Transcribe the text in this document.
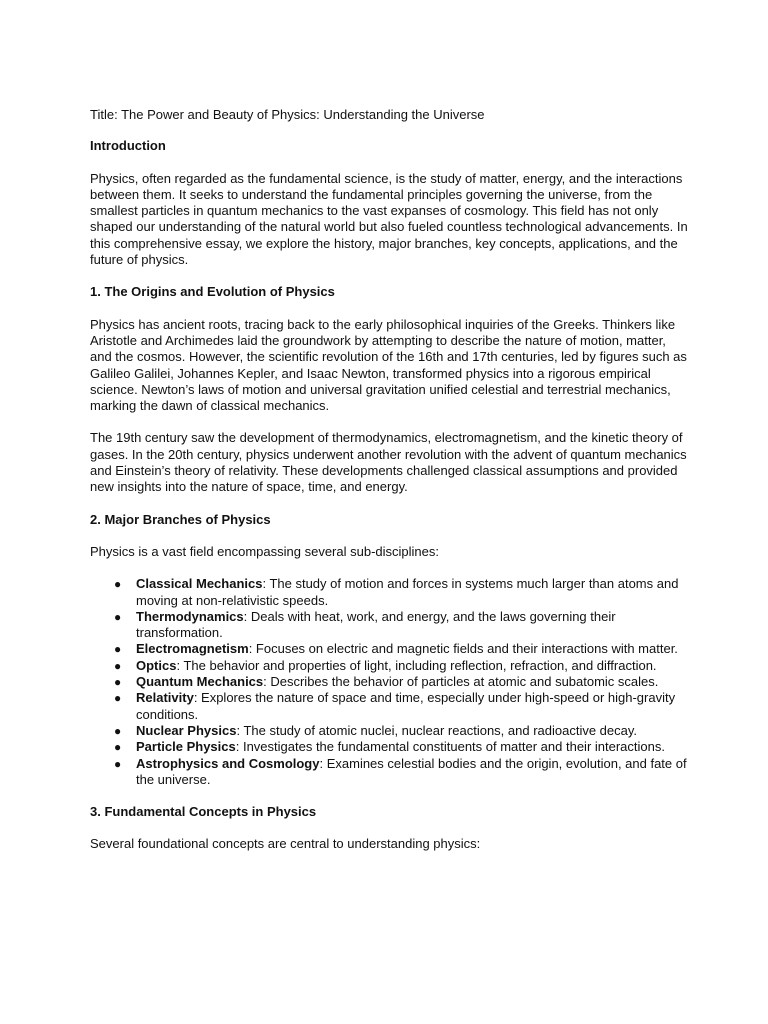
Title: The Power and Beauty of Physics: Understanding the Universe

Introduction

Physics, often regarded as the fundamental science, is the study of matter, energy, and the interactions between them. It seeks to understand the fundamental principles governing the universe, from the smallest particles in quantum mechanics to the vast expanses of cosmology. This field has not only shaped our understanding of the natural world but also fueled countless technological advancements. In this comprehensive essay, we explore the history, major branches, key concepts, applications, and the future of physics.

1. The Origins and Evolution of Physics

Physics has ancient roots, tracing back to the early philosophical inquiries of the Greeks. Thinkers like Aristotle and Archimedes laid the groundwork by attempting to describe the nature of motion, matter, and the cosmos. However, the scientific revolution of the 16th and 17th centuries, led by figures such as Galileo Galilei, Johannes Kepler, and Isaac Newton, transformed physics into a rigorous empirical science. Newton’s laws of motion and universal gravitation unified celestial and terrestrial mechanics, marking the dawn of classical mechanics.

The 19th century saw the development of thermodynamics, electromagnetism, and the kinetic theory of gases. In the 20th century, physics underwent another revolution with the advent of quantum mechanics and Einstein’s theory of relativity. These developments challenged classical assumptions and provided new insights into the nature of space, time, and energy.

2. Major Branches of Physics

Physics is a vast field encompassing several sub-disciplines:

● Classical Mechanics: The study of motion and forces in systems much larger than atoms and moving at non-relativistic speeds.
● Thermodynamics: Deals with heat, work, and energy, and the laws governing their transformation.
● Electromagnetism: Focuses on electric and magnetic fields and their interactions with matter.
● Optics: The behavior and properties of light, including reflection, refraction, and diffraction.
● Quantum Mechanics: Describes the behavior of particles at atomic and subatomic scales.
● Relativity: Explores the nature of space and time, especially under high-speed or high-gravity conditions.
● Nuclear Physics: The study of atomic nuclei, nuclear reactions, and radioactive decay.
● Particle Physics: Investigates the fundamental constituents of matter and their interactions.
● Astrophysics and Cosmology: Examines celestial bodies and the origin, evolution, and fate of the universe.
3. Fundamental Concepts in Physics

Several foundational concepts are central to understanding physics:
